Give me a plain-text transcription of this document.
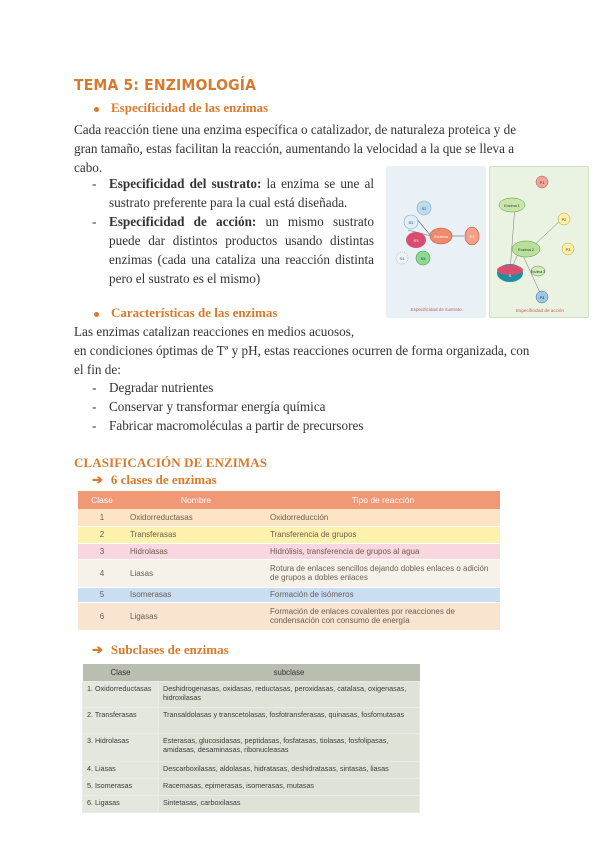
TEMA 5: ENZIMOLOGÍA
Especificidad de las enzimas
Cada reacción tiene una enzima específica o catalizador, de naturaleza proteica y de gran tamaño, estas facilitan la reacción, aumentando la velocidad a la que se lleva a cabo.
- Especificidad del sustrato: la enzima se une al sustrato preferente para la cual está diseñada.
- Especificidad de acción: un mismo sustrato puede dar distintos productos usando distintas enzimas (cada una cataliza una reacción distinta pero el sustrato es el mismo)
S2
S1
S3
S4
Enzima
S5
E1
Especificidad de sustrato
P1
Enzima 1
P2
Enzima 2	P3
Enzima 3
P4
S
Especificidad de acción
Características de las enzimas
Las enzimas catalizan reacciones en medios acuosos,
en condiciones óptimas de Tª y pH, estas reacciones ocurren de forma organizada, con el fin de:
- Degradar nutrientes
- Conservar y transformar energía química
- Fabricar macromoléculas a partir de precursores
CLASIFICACIÓN DE ENZIMAS
➔ 6 clases de enzimas
Clase	Nombre	Tipo de reacción
1	Oxidorreductasas	Oxidorreducción
2	Transferasas	Transferencia de grupos
3	Hidrolasas	Hidrólisis, transferencia de grupos al agua
4	Liasas	Rotura de enlaces sencillos dejando dobles enlaces o adición de grupos a dobles enlaces
5	Isomerasas	Formación de isómeros
6	Ligasas	Formación de enlaces covalentes por reacciones de condensación con consumo de energía
➔ Subclases de enzimas
Clase	subclase
1. Oxidorreductasas	Deshidrogenasas, oxidasas, reductasas, peroxidasas, catalasa, oxigenasas, hidroxilasas
2. Transferasas	Transaldolasas y transcetolasas, fosfotransferasas, quinasas, fosfomutasas
3. Hidrolasas	Esterasas, glucosidasas, peptidasas, fosfatasas, tiolasas, fosfolipasas, amidasas, desaminasas, ribonucleasas
4. Liasas	Descarboxilasas, aldolasas, hidratasas, deshidratasas, sintasas, liasas
5. Isomerasas	Racemasas, epimerasas, isomerasas, mutasas
6. Ligasas	Sintetasas, carboxilasas
